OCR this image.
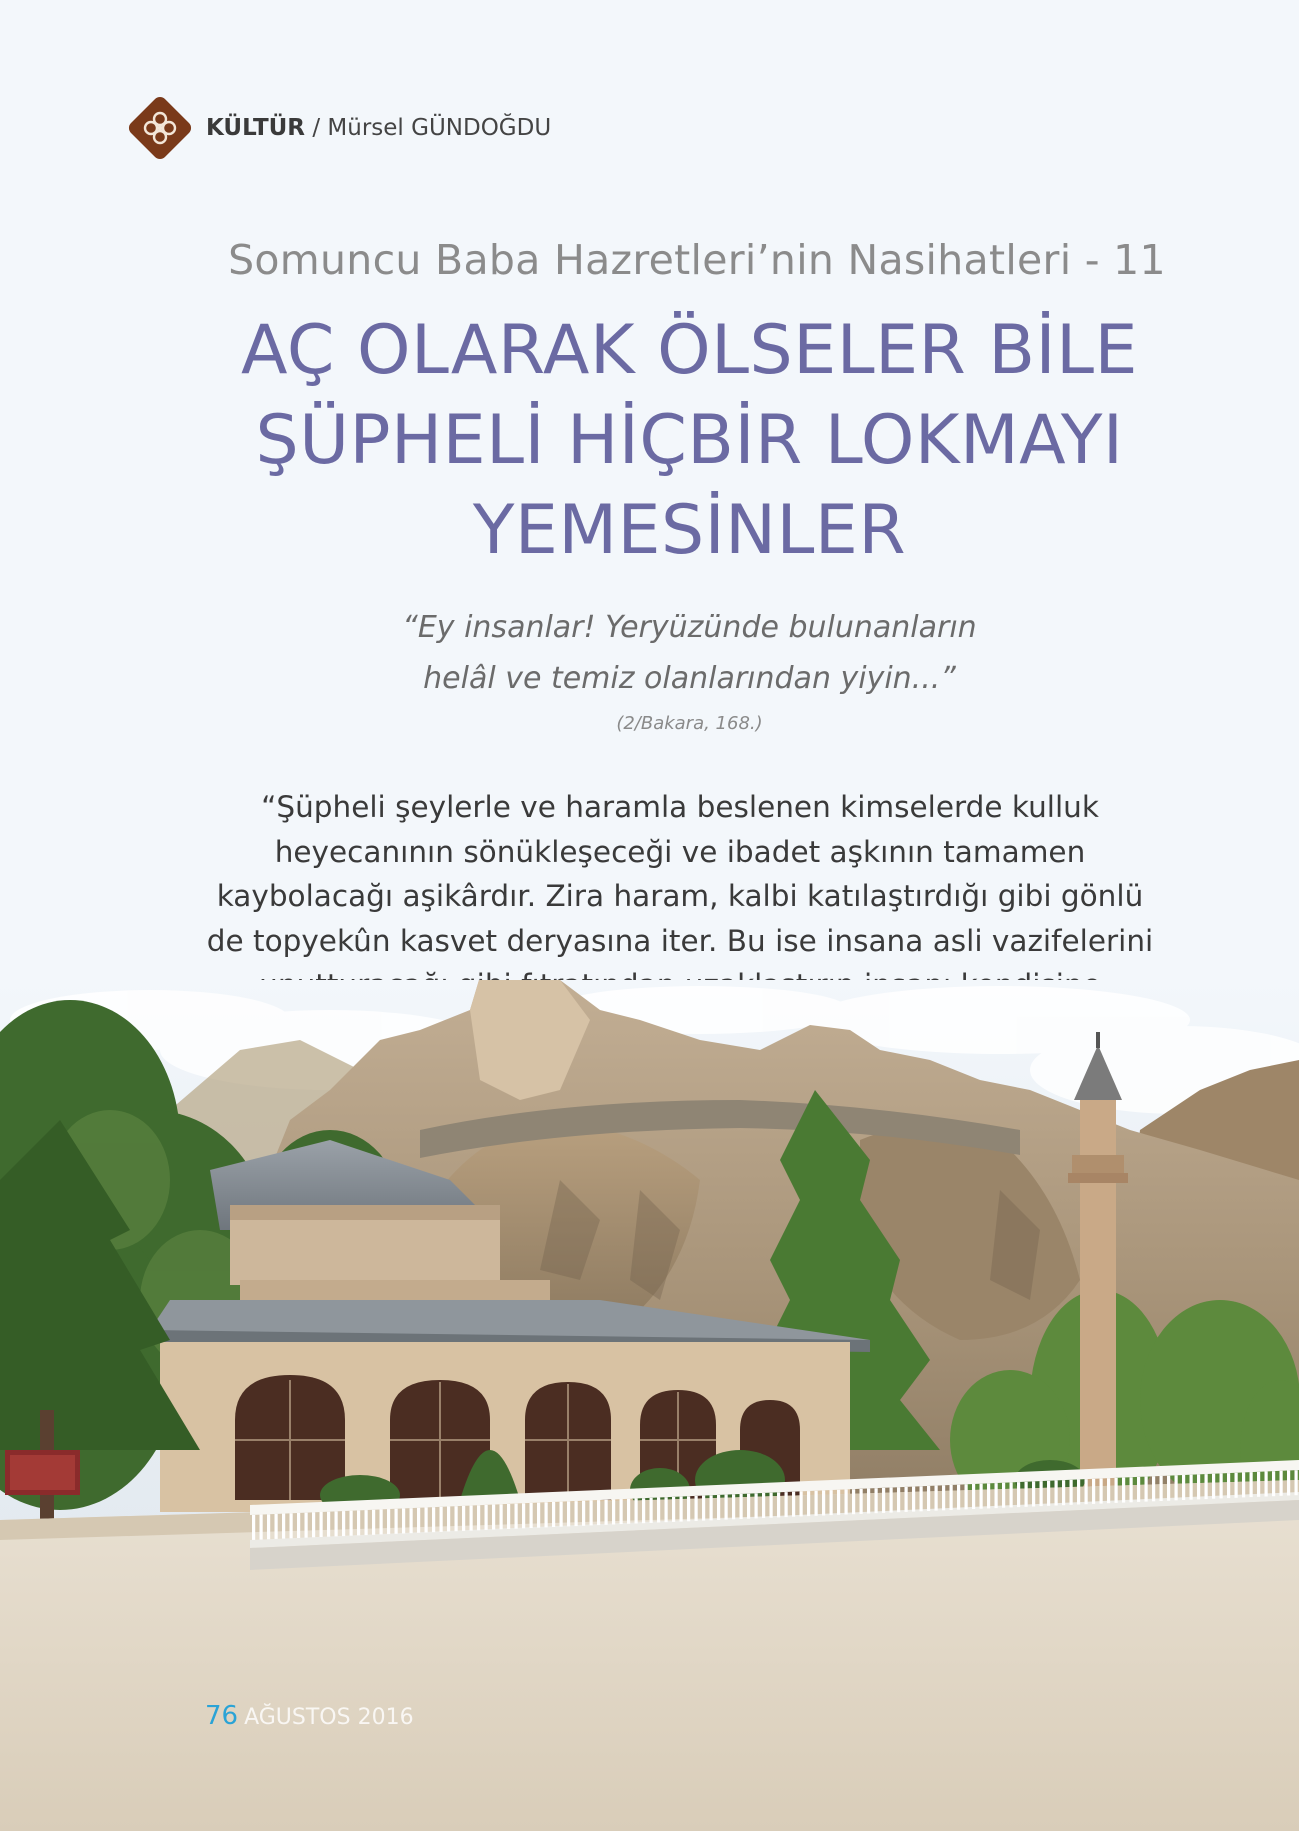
KÜLTÜR / Mürsel GÜNDOĞDU
Somuncu Baba Hazretleri’nin Nasihatleri - 11
AÇ OLARAK ÖLSELER BİLE
ŞÜPHELİ HİÇBİR LOKMAYI
YEMESİNLER
“Ey insanlar! Yeryüzünde bulunanların
helâl ve temiz olanlarından yiyin...”
(2/Bakara, 168.)
“Şüpheli şeylerle ve haramla beslenen kimselerde kulluk
heyecanının sönükleşeceği ve ibadet aşkının tamamen
kaybolacağı aşikârdır. Zira haram, kalbi katılaştırdığı gibi gönlü
de topyekûn kasvet deryasına iter. Bu ise insana asli vazifelerini
76 AĞUSTOS 2016
